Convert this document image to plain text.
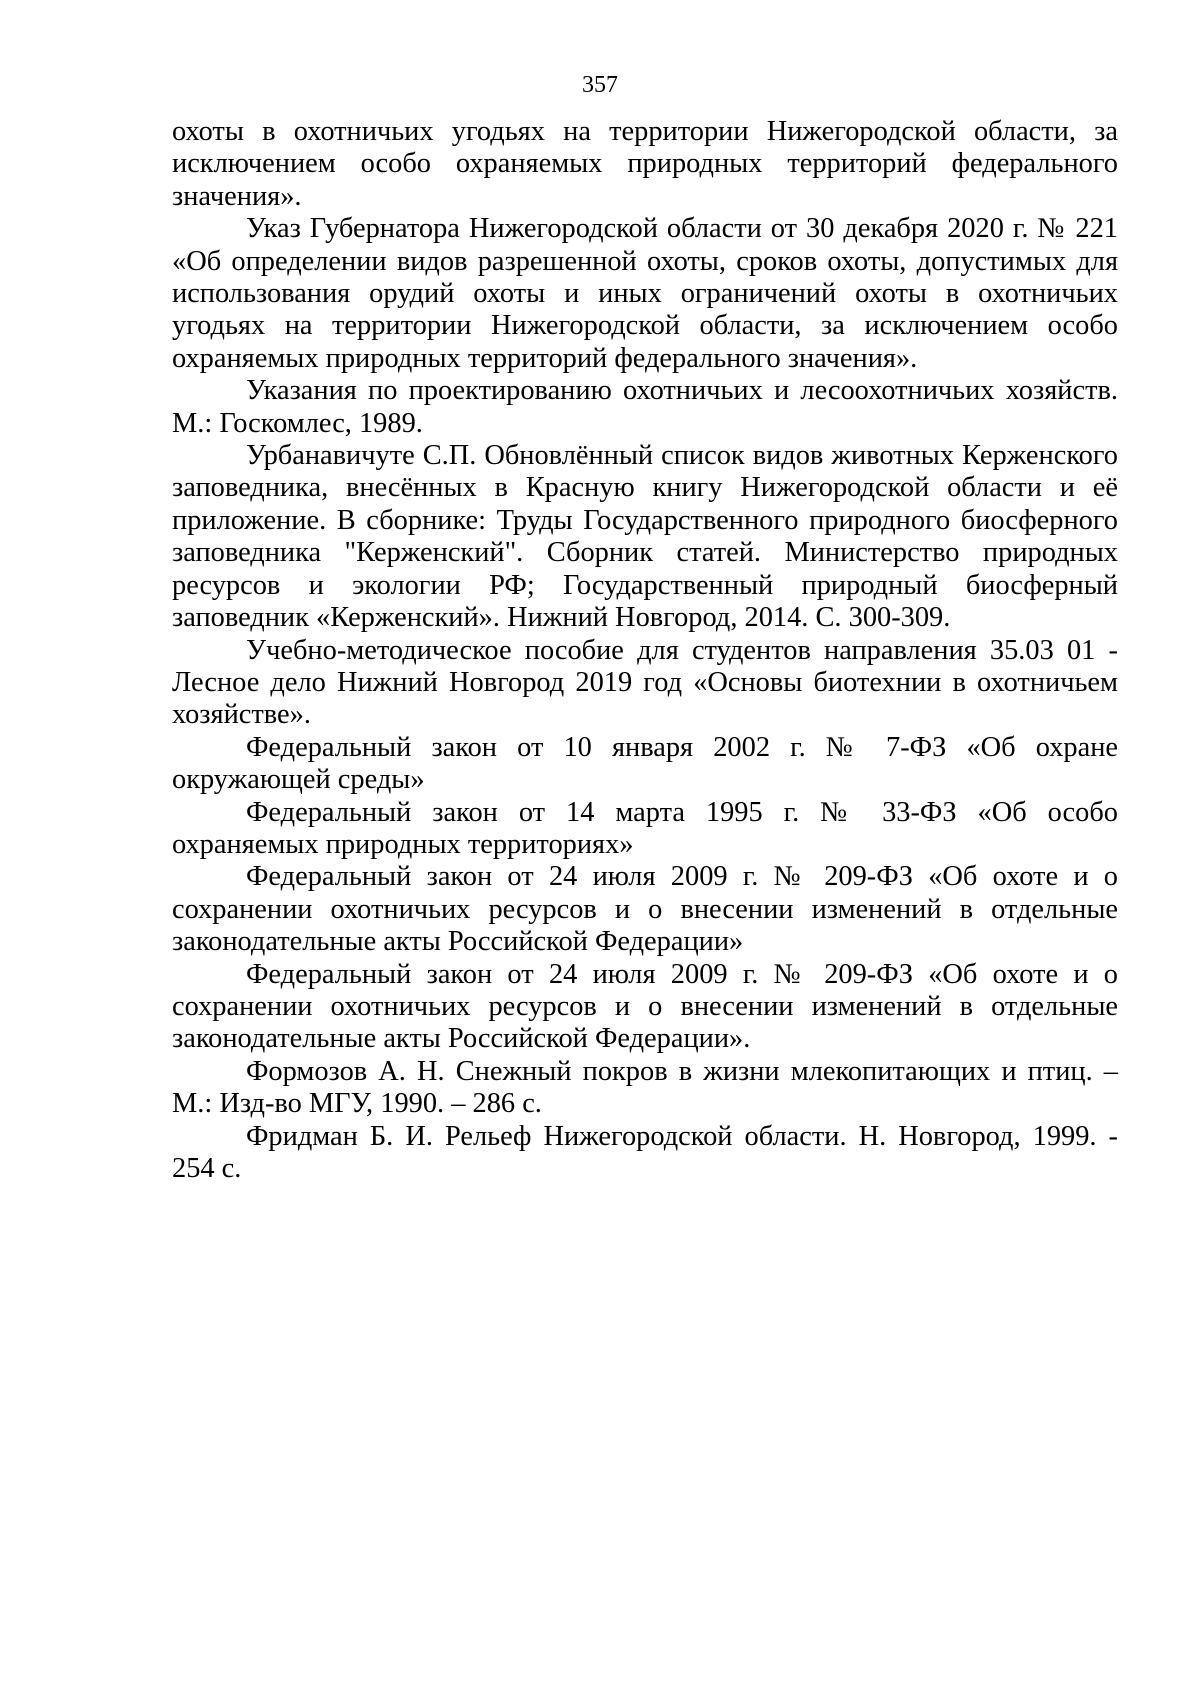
357

охоты в охотничьих угодьях на территории Нижегородской области, за исключением особо охраняемых природных территорий федерального значения».

Указ Губернатора Нижегородской области от 30 декабря 2020 г. № 221 «Об определении видов разрешенной охоты, сроков охоты, допустимых для использования орудий охоты и иных ограничений охоты в охотничьих угодьях на территории Нижегородской области, за исключением особо охраняемых природных территорий федерального значения».

Указания по проектированию охотничьих и лесоохотничьих хозяйств. М.: Госкомлес, 1989.

Урбанавичуте С.П. Обновлённый список видов животных Керженского заповедника, внесённых в Красную книгу Нижегородской области и её приложение. В сборнике: Труды Государственного природного биосферного заповедника "Керженский". Сборник статей. Министерство природных ресурсов и экологии РФ; Государственный природный биосферный заповедник «Керженский». Нижний Новгород, 2014. С. 300-309.

Учебно-методическое пособие для студентов направления 35.03 01 - Лесное дело Нижний Новгород 2019 год «Основы биотехнии в охотничьем хозяйстве».

Федеральный закон от 10 января 2002 г. № 7-ФЗ «Об охране окружающей среды»

Федеральный закон от 14 марта 1995 г. № 33-ФЗ «Об особо охраняемых природных территориях»

Федеральный закон от 24 июля 2009 г. № 209-ФЗ «Об охоте и о сохранении охотничьих ресурсов и о внесении изменений в отдельные законодательные акты Российской Федерации»

Федеральный закон от 24 июля 2009 г. № 209-ФЗ «Об охоте и о сохранении охотничьих ресурсов и о внесении изменений в отдельные законодательные акты Российской Федерации».

Формозов А. Н. Снежный покров в жизни млекопитающих и птиц. – М.: Изд-во МГУ, 1990. – 286 с.

Фридман Б. И. Рельеф Нижегородской области. Н. Новгород, 1999. - 254 с.
